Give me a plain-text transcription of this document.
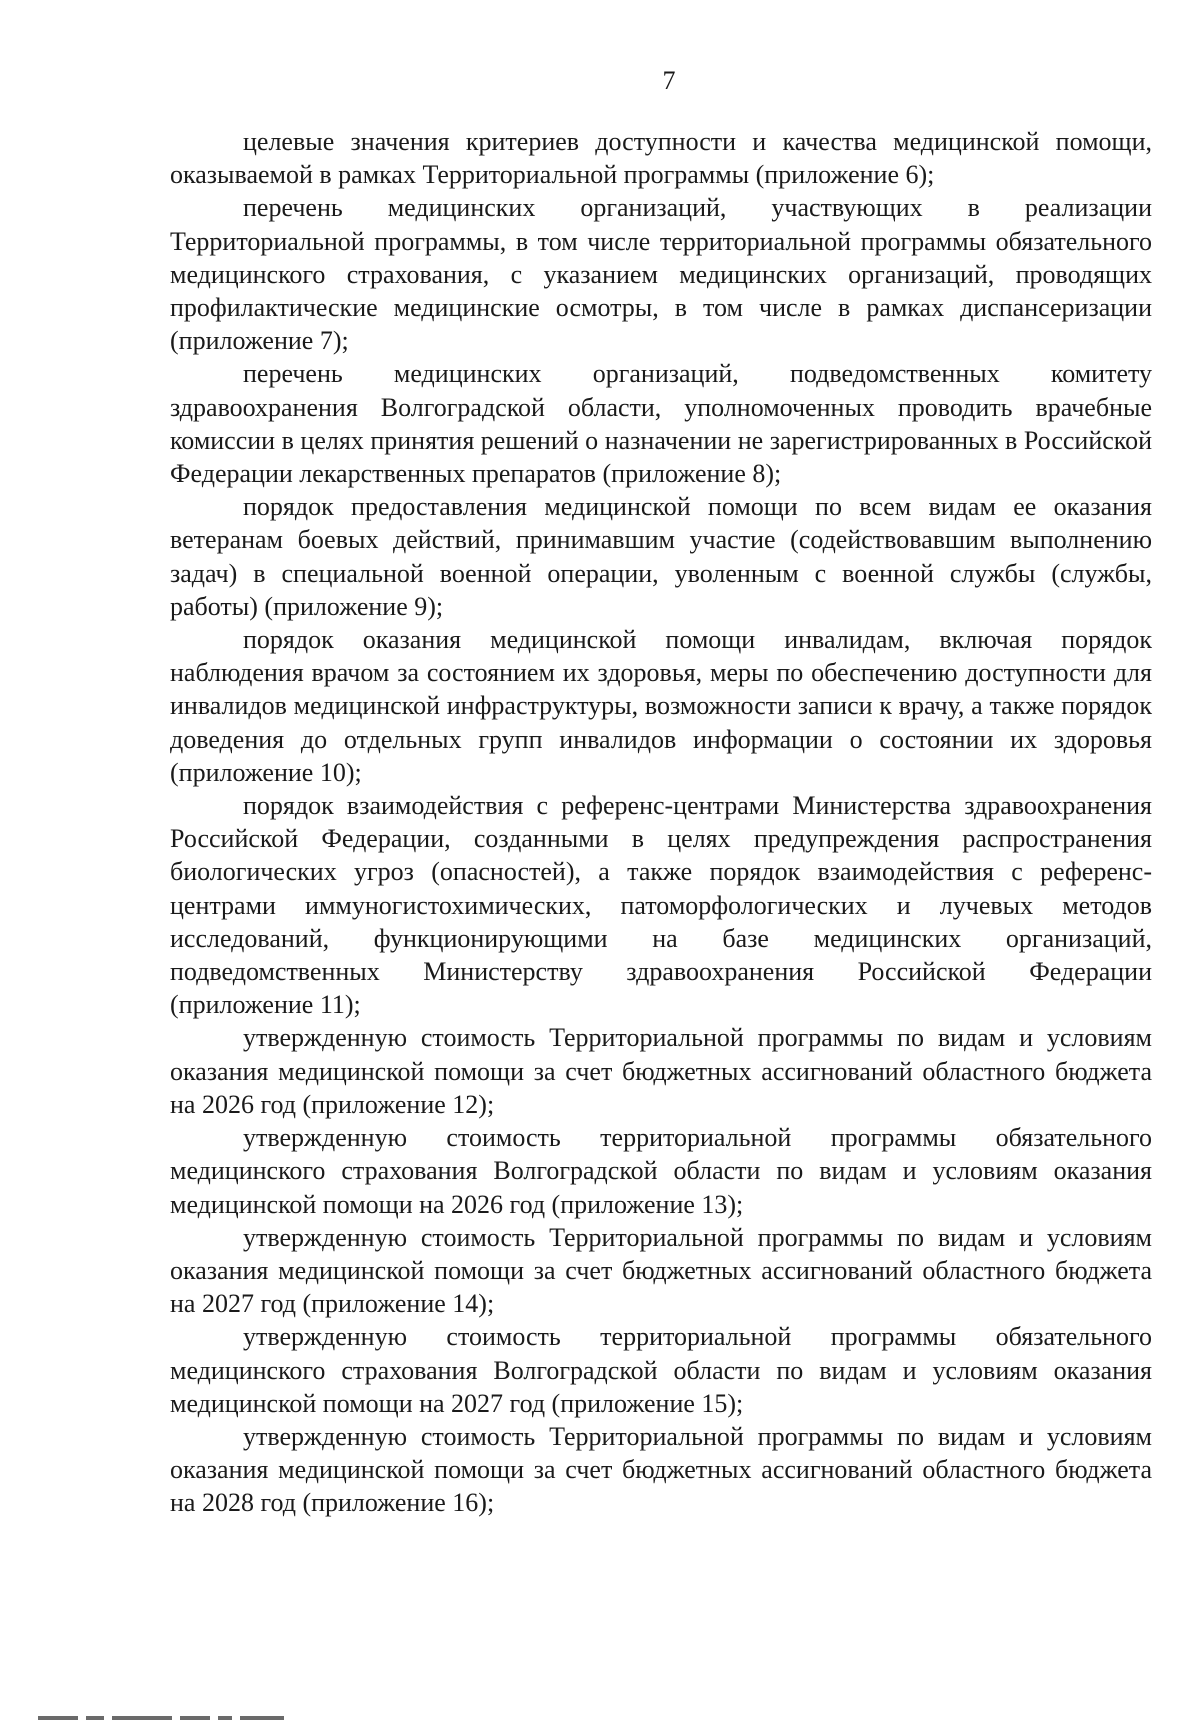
7

целевые значения критериев доступности и качества медицинской помощи, оказываемой в рамках Территориальной программы (приложение 6);

перечень медицинских организаций, участвующих в реализации Территориальной программы, в том числе территориальной программы обязательного медицинского страхования, с указанием медицинских организаций, проводящих профилактические медицинские осмотры, в том числе в рамках диспансеризации (приложение 7);

перечень медицинских организаций, подведомственных комитету здравоохранения Волгоградской области, уполномоченных проводить врачебные комиссии в целях принятия решений о назначении не зарегистрированных в Российской Федерации лекарственных препаратов (приложение 8);

порядок предоставления медицинской помощи по всем видам ее оказания ветеранам боевых действий, принимавшим участие (содействовавшим выполнению задач) в специальной военной операции, уволенным с военной службы (службы, работы) (приложение 9);

порядок оказания медицинской помощи инвалидам, включая порядок наблюдения врачом за состоянием их здоровья, меры по обеспечению доступности для инвалидов медицинской инфраструктуры, возможности записи к врачу, а также порядок доведения до отдельных групп инвалидов информации о состоянии их здоровья (приложение 10);

порядок взаимодействия с референс-центрами Министерства здравоохранения Российской Федерации, созданными в целях предупреждения распространения биологических угроз (опасностей), а также порядок взаимодействия с референс-центрами иммуногистохимических, патоморфологических и лучевых методов исследований, функционирующими на базе медицинских организаций, подведомственных Министерству здравоохранения Российской Федерации (приложение 11);

утвержденную стоимость Территориальной программы по видам и условиям оказания медицинской помощи за счет бюджетных ассигнований областного бюджета на 2026 год (приложение 12);

утвержденную стоимость территориальной программы обязательного медицинского страхования Волгоградской области по видам и условиям оказания медицинской помощи на 2026 год (приложение 13);

утвержденную стоимость Территориальной программы по видам и условиям оказания медицинской помощи за счет бюджетных ассигнований областного бюджета на 2027 год (приложение 14);

утвержденную стоимость территориальной программы обязательного медицинского страхования Волгоградской области по видам и условиям оказания медицинской помощи на 2027 год (приложение 15);

утвержденную стоимость Территориальной программы по видам и условиям оказания медицинской помощи за счет бюджетных ассигнований областного бюджета на 2028 год (приложение 16);
